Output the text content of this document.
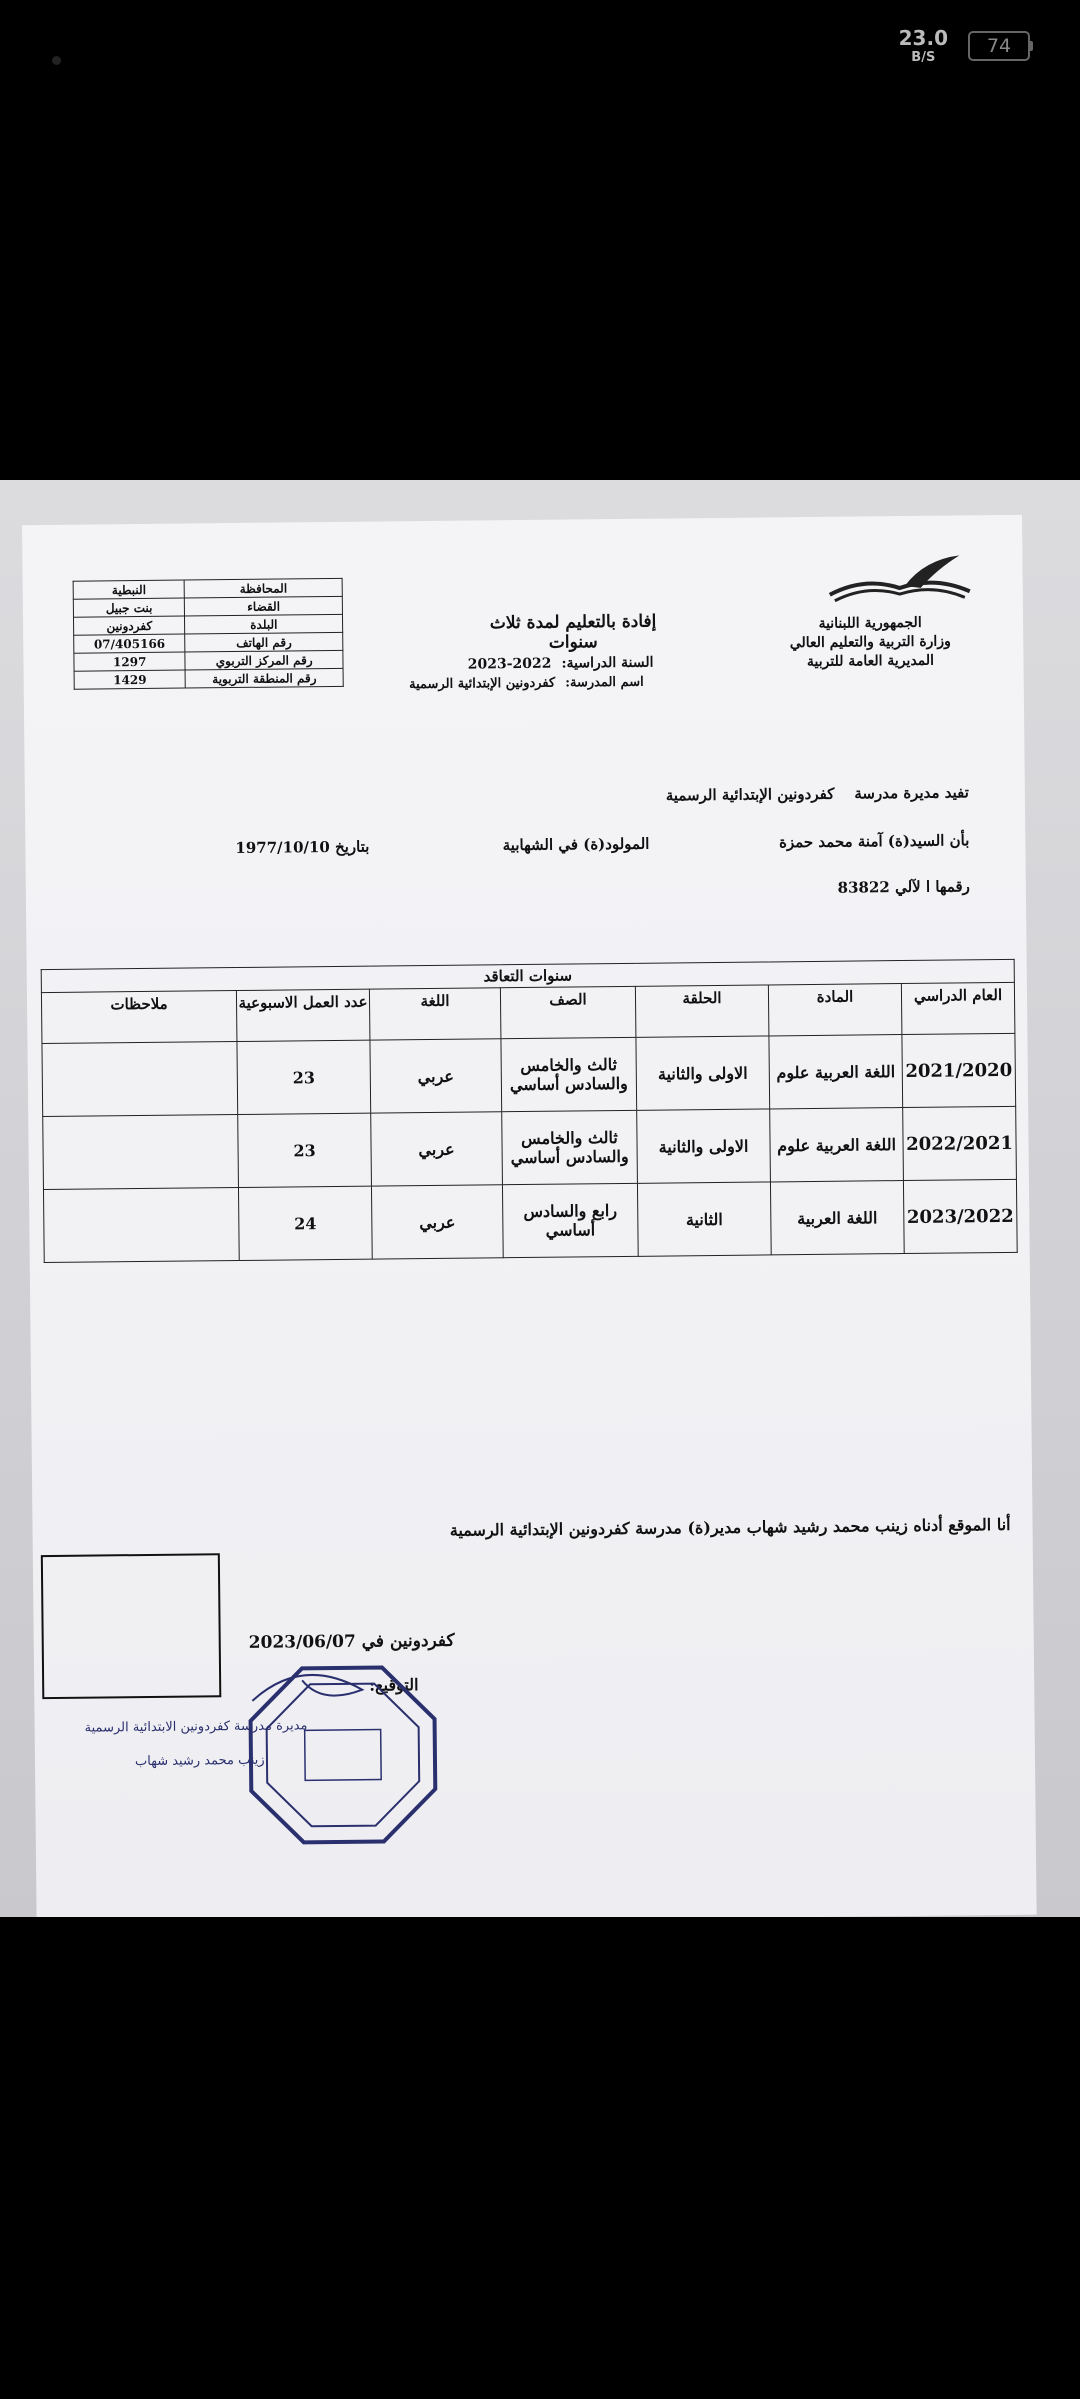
23.0
B/S
74
الجمهورية اللبنانية
وزارة التربية والتعليم العالي
المديرية العامة للتربية
إفادة بالتعليم لمدة ثلاث سنوات
السنة الدراسية:2022-2023
اسم المدرسة:كفردونين الإبتدائية الرسمية
المحافظة	النبطية
القضاء	بنت جبيل
البلدة	كفردونين
رقم الهاتف	07/405166
رقم المركز التربوي	1297
رقم المنطقة التربوية	1429
تفيد مديرة مدرسةكفردونين الإبتدائية الرسمية
بأن السيد(ة) آمنة محمد حمزة
المولود(ة) في الشهابية
بتاريخ 1977/10/10
رقمها ا لآلي 83822
سنوات التعاقد						
العام الدراسي	المادة	الحلقة	الصف	اللغة	عدد العمل الاسبوعية	ملاحظات
2021/2020	اللغة العربية علوم	الاولى والثانية	ثالث والخامس والسادس أساسي	عربي	23	
2022/2021	اللغة العربية علوم	الاولى والثانية	ثالث والخامس والسادس أساسي	عربي	23	
2023/2022	اللغة العربية	الثانية	رابع والسادس أساسي	عربي	24	
أنا الموقع أدناه زينب محمد رشيد شهاب مدير(ة) مدرسة كفردونين الإبتدائية الرسمية
كفردونين في 2023/06/07
التوقيع:
مديرة مدرسة كفردونين الابتدائية الرسمية
زينب محمد رشيد شهاب
